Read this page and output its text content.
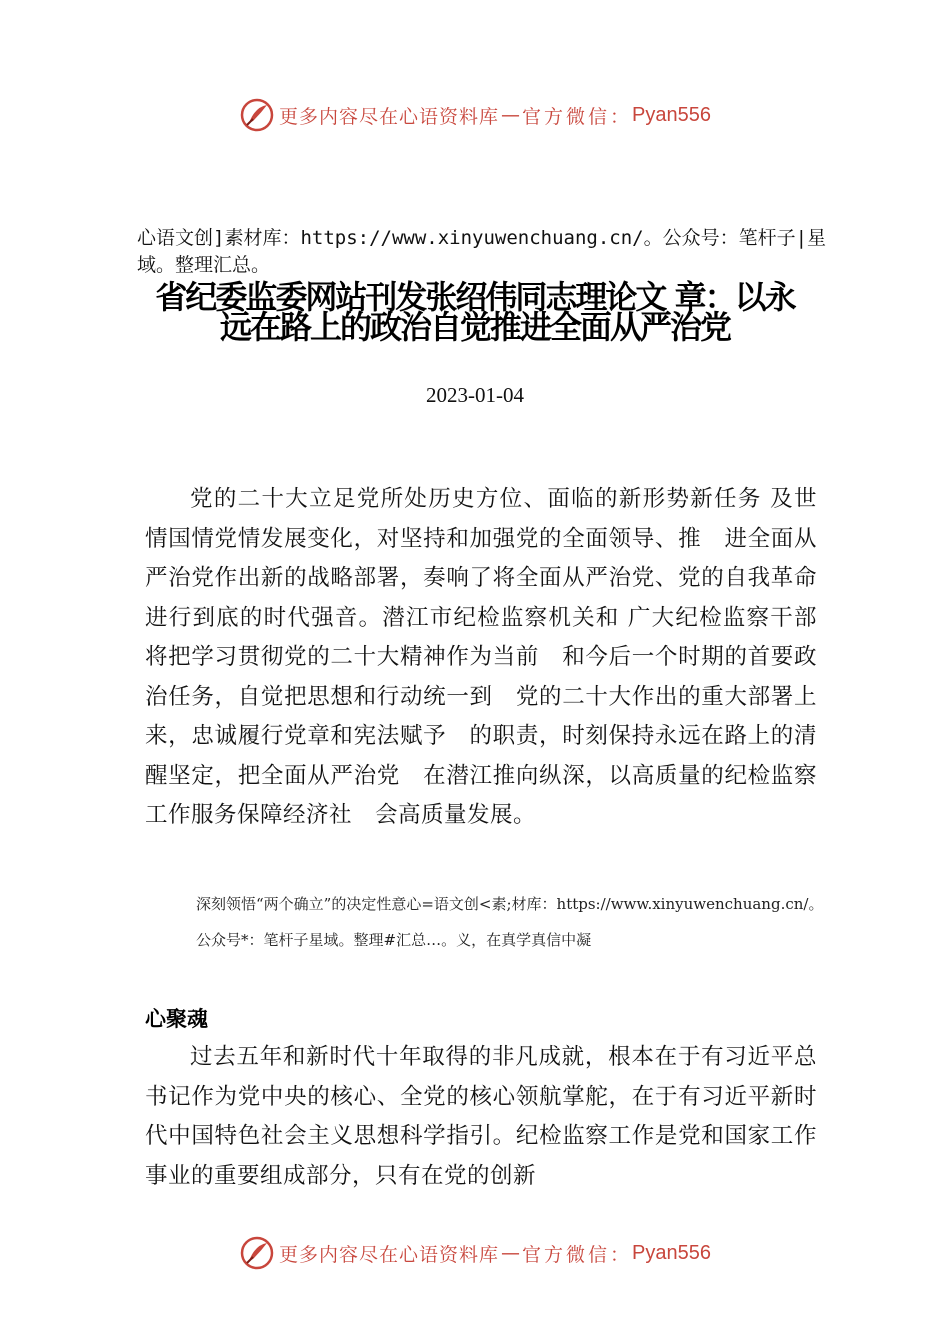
更多内容尽在心语资料库 — 官方微信： Pyan556
心语文创]素材库：https://www.xinyuwenchuang.cn/。公众号：笔杆子|星域。整理汇总。
省纪委监委网站刊发张绍伟同志理论文 章：以永远在路上的政治自觉推进全面从严治党
2023-01-04
党的二十大立足党所处历史方位、面临的新形势新任务 及世情国情党情发展变化，对坚持和加强党的全面领导、推　进全面从严治党作出新的战略部署，奏响了将全面从严治党、党的自我革命进行到底的时代强音。潜江市纪检监察机关和 广大纪检监察干部将把学习贯彻党的二十大精神作为当前　和今后一个时期的首要政治任务，自觉把思想和行动统一到　党的二十大作出的重大部署上来，忠诚履行党章和宪法赋予　的职责，时刻保持永远在路上的清醒坚定，把全面从严治党　在潜江推向纵深，以高质量的纪检监察工作服务保障经济社　会高质量发展。
深刻领悟“两个确立”的决定性意心=语文创<素;材库：https://www.xinyuwenchuang.cn/。公众号*：笔杆子星域。整理#汇总…。义，在真学真信中凝
心聚魂
过去五年和新时代十年取得的非凡成就，根本在于有习近平总书记作为党中央的核心、全党的核心领航掌舵，在于有习近平新时代中国特色社会主义思想科学指引。纪检监察工作是党和国家工作事业的重要组成部分，只有在党的创新
更多内容尽在心语资料库 — 官方微信： Pyan556
